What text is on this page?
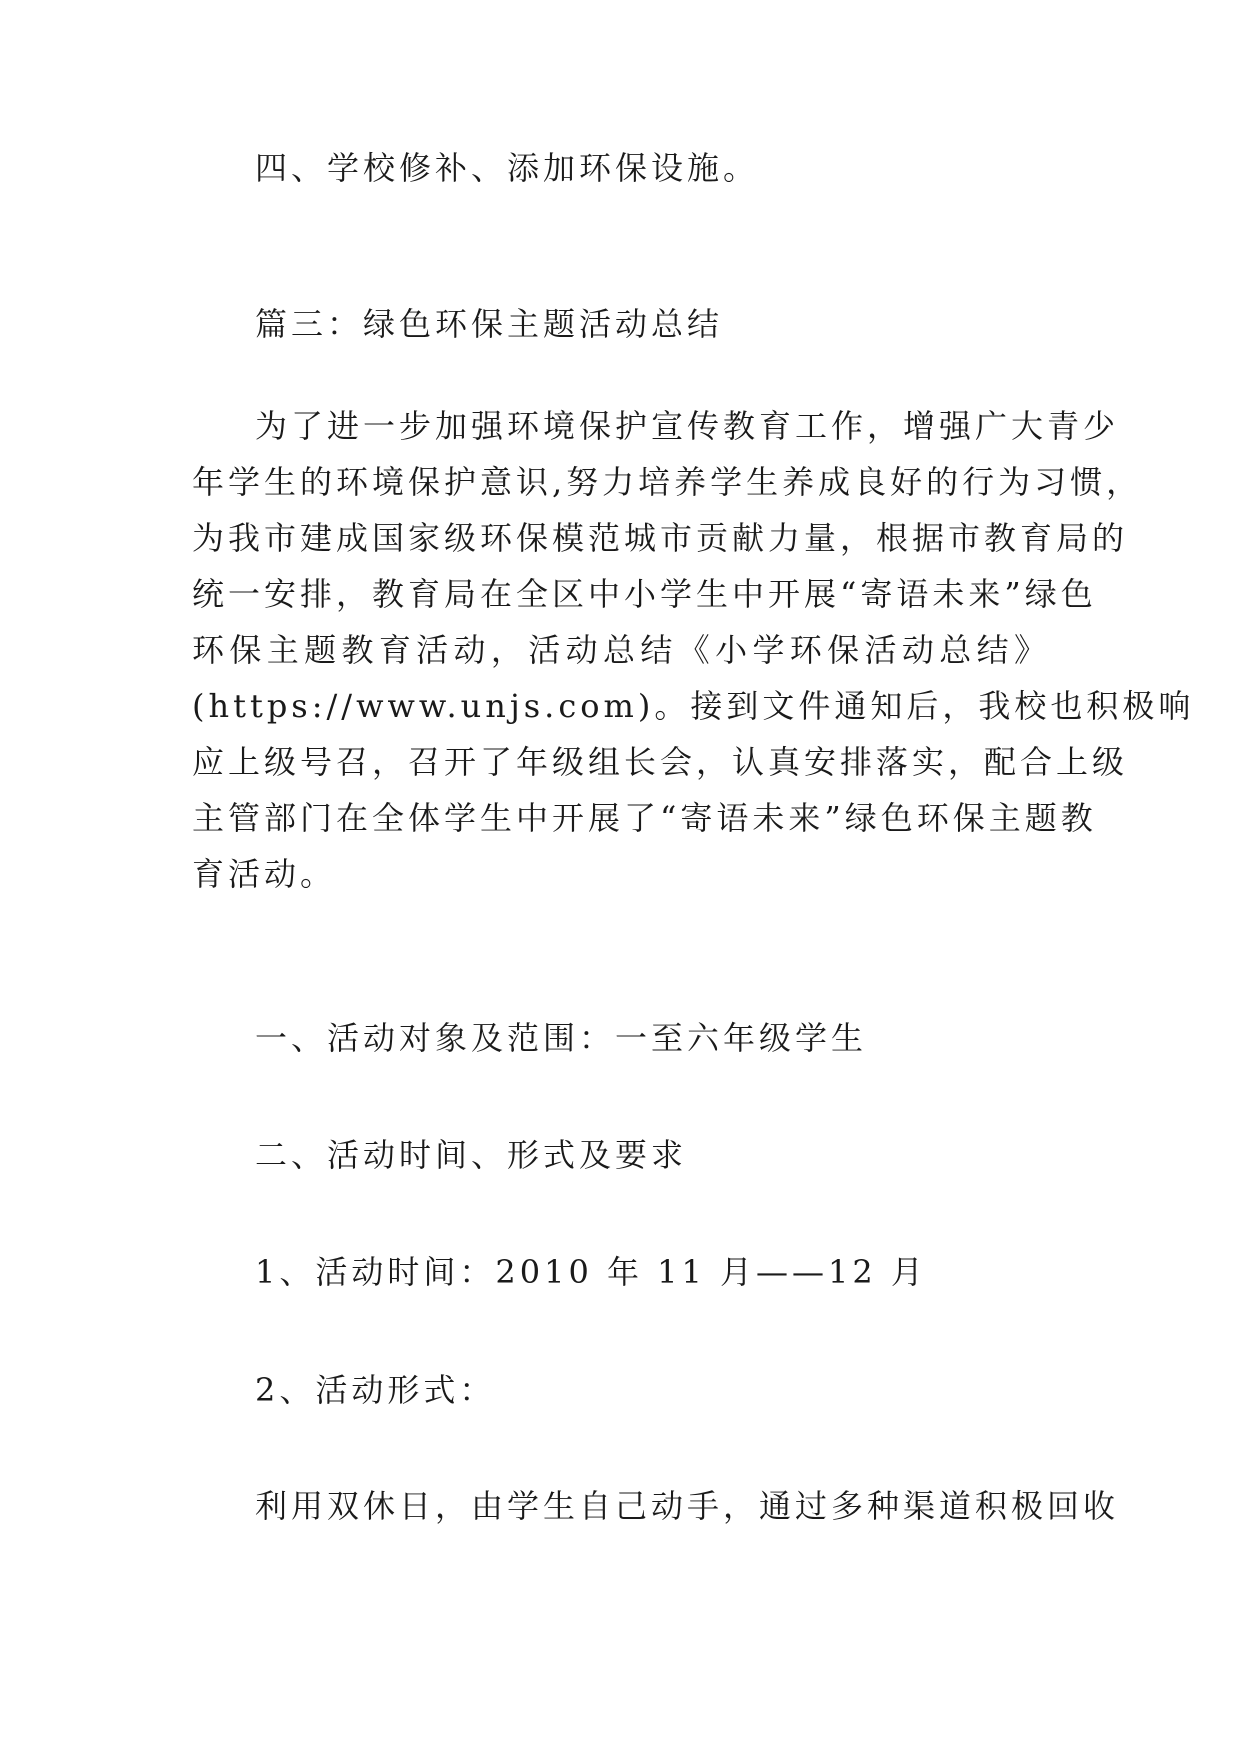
四、学校修补、添加环保设施。
篇三：绿色环保主题活动总结
为了进一步加强环境保护宣传教育工作，增强广大青少
年学生的环境保护意识,努力培养学生养成良好的行为习惯，
为我市建成国家级环保模范城市贡献力量，根据市教育局的
统一安排，教育局在全区中小学生中开展“寄语未来”绿色
环保主题教育活动，活动总结《小学环保活动总结》
(https://www.unjs.com)。接到文件通知后，我校也积极响
应上级号召，召开了年级组长会，认真安排落实，配合上级
主管部门在全体学生中开展了“寄语未来”绿色环保主题教
育活动。
一、活动对象及范围：一至六年级学生
二、活动时间、形式及要求
1、活动时间：2010 年 11 月——12 月
2、活动形式：
利用双休日，由学生自己动手，通过多种渠道积极回收
